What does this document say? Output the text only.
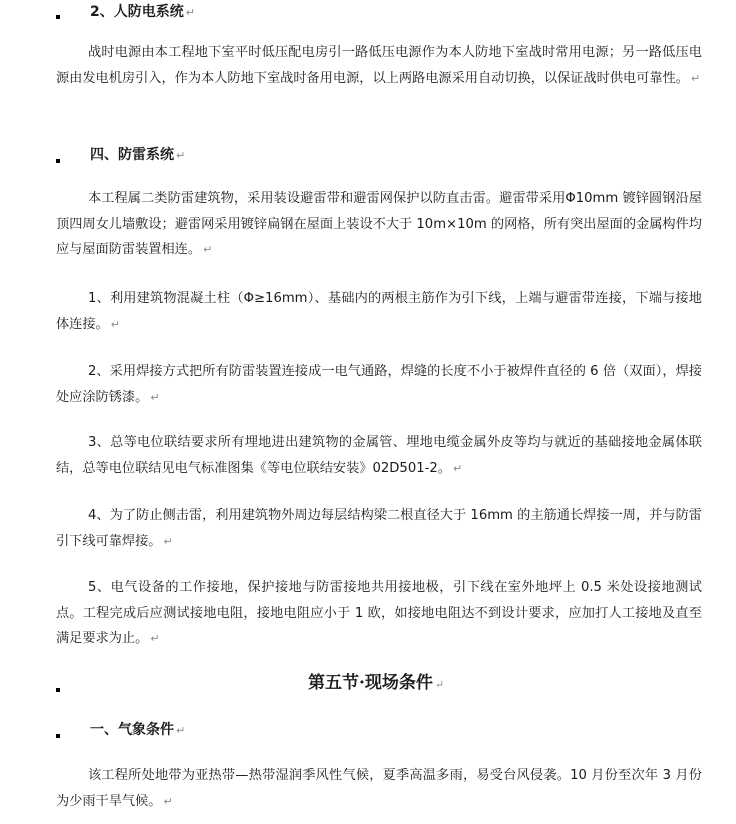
2、人防电系统 ↵

战时电源由本工程地下室平时低压配电房引一路低压电源作为本人防地下室战时常用电源；另一路低压电源由发电机房引入，作为本人防地下室战时备用电源，以上两路电源采用自动切换，以保证战时供电可靠性。 ↵

四、防雷系统 ↵

本工程属二类防雷建筑物，采用装设避雷带和避雷网保护以防直击雷。避雷带采用Φ10mm 镀锌圆钢沿屋顶四周女儿墙敷设；避雷网采用镀锌扁钢在屋面上装设不大于 10m×10m 的网格，所有突出屋面的金属构件均应与屋面防雷装置相连。 ↵

1、利用建筑物混凝土柱（Φ≥16mm）、基础内的两根主筋作为引下线，上端与避雷带连接，下端与接地体连接。 ↵

2、采用焊接方式把所有防雷装置连接成一电气通路，焊缝的长度不小于被焊件直径的 6 倍（双面），焊接处应涂防锈漆。 ↵

3、总等电位联结要求所有埋地进出建筑物的金属管、埋地电缆金属外皮等均与就近的基础接地金属体联结，总等电位联结见电气标准图集《等电位联结安装》02D501-2。 ↵

4、为了防止侧击雷，利用建筑物外周边每层结构梁二根直径大于 16mm 的主筋通长焊接一周，并与防雷引下线可靠焊接。 ↵

5、电气设备的工作接地，保护接地与防雷接地共用接地极，引下线在室外地坪上 0.5 米处设接地测试点。工程完成后应测试接地电阻，接地电阻应小于 1 欧，如接地电阻达不到设计要求，应加打人工接地及直至满足要求为止。 ↵

第五节·现场条件 ↵
一、气象条件 ↵

该工程所处地带为亚热带—热带湿润季风性气候，夏季高温多雨，易受台风侵袭。10 月份至次年 3 月份为少雨干旱气候。 ↵
